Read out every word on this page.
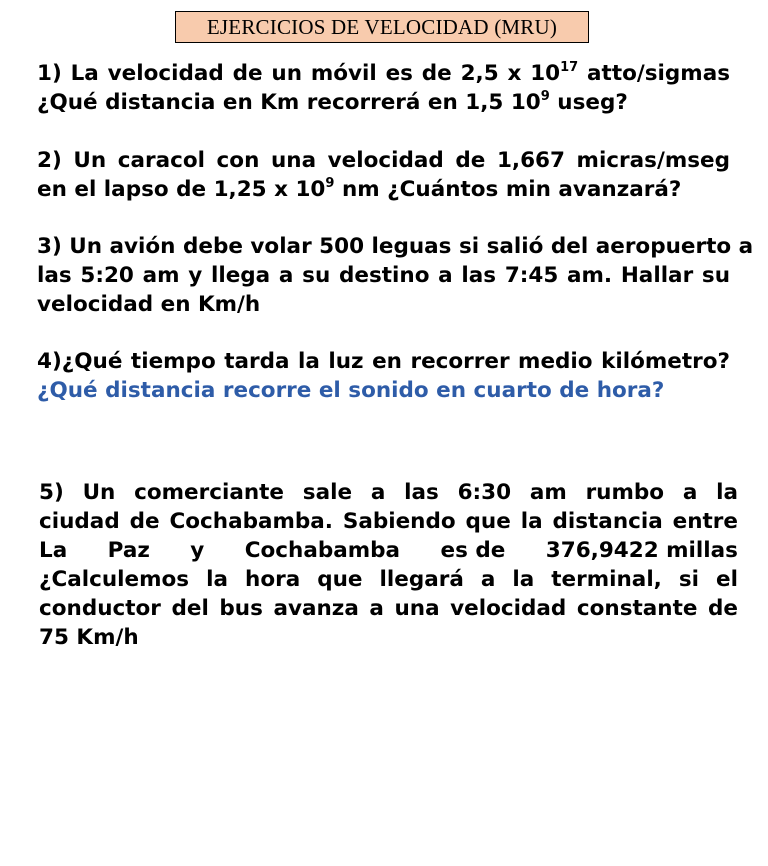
EJERCICIOS DE VELOCIDAD (MRU)
1) La velocidad de un móvil es de 2,5 x $10^{17}$ atto/sigmas
¿Qué distancia en Km recorrerá en 1,5 $10^9$ useg?
2) Un caracol con una velocidad de 1,667 micras/mseg
en el lapso de 1,25 x $10^9$ nm ¿Cuántos min avanzará?
3) Un avión debe volar 500 leguas si salió del aeropuerto a
las 5:20 am y llega a su destino a las 7:45 am. Hallar su
velocidad en Km/h
4)¿Qué tiempo tarda la luz en recorrer medio kilómetro?
¿Qué distancia recorre el sonido en cuarto de hora?
5) Un comerciante sale a las 6:30 am rumbo a la
ciudad de Cochabamba. Sabiendo que la distancia entre
La Paz y Cochabamba es de 376,9422 millas
¿Calculemos la hora que llegará a la terminal, si el
conductor del bus avanza a una velocidad constante de
75 Km/h
